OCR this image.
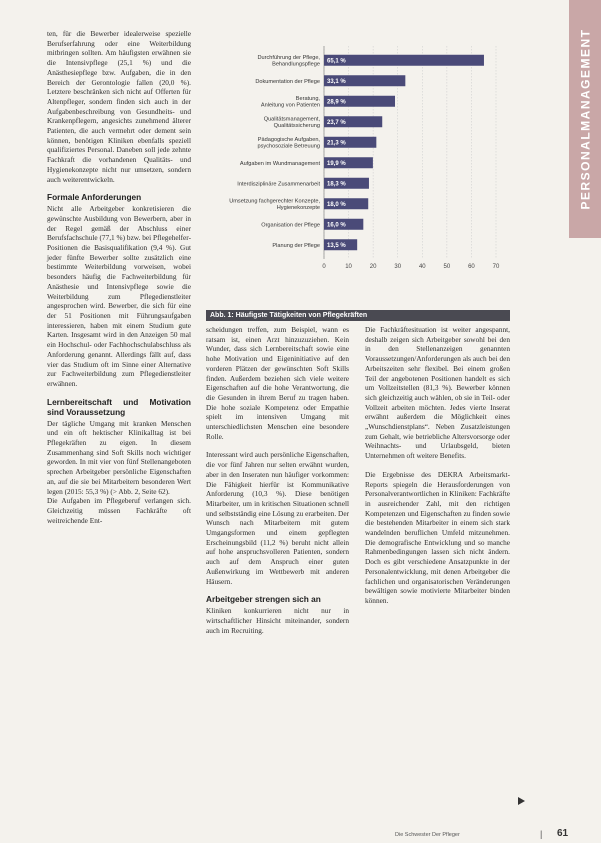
ten, für die Bewerber idealerweise spezielle Berufserfahrung oder eine Weiterbildung mitbringen sollten. Am häufigsten erwähnen sie die Intensivpflege (25,1 %) und die Anästhesiepflege bzw. Aufgaben, die in den Bereich der Gerontologie fallen (20,0 %). Letztere beschränken sich nicht auf Offerten für Altenpfleger, sondern finden sich auch in der Aufgabenbeschreibung von Gesundheits- und Krankenpflegern, angesichts zunehmend älterer Patienten, die auch vermehrt oder dement sein können, benötigen Kliniken ebenfalls speziell qualifiziertes Personal. Daneben soll jede zehnte Fachkraft die vorhandenen Qualitäts- und Hygienekonzepte nicht nur umsetzen, sondern auch weiterentwickeln.

Formale Anforderungen

Nicht alle Arbeitgeber konkretisieren die gewünschte Ausbildung von Bewerbern, aber in der Regel gemäß der Abschluss einer Berufsfachschule (77,1 %) bzw. bei Pflegehelfer-Positionen die Basisqualifikation (9,4 %). Gut jeder fünfte Bewerber sollte zusätzlich eine bestimmte Weiterbildung vorweisen, wobei besonders häufig die Fachweiterbildung für Anästhesie und Intensivpflege sowie die Weiterbildung zum Pflegedienstleiter angesprochen wird. Bewerber, die sich für eine der 51 Positionen mit Führungsaufgaben interessieren, haben mit einem Studium gute Karten. Insgesamt wird in den Anzeigen 50 mal ein Hochschul- oder Fachhochschulabschluss als Anforderung genannt. Allerdings fällt auf, dass vier das Studium oft im Sinne einer Alternative zur Fachweiterbildung zum Pflegedienstleiter erwähnen.

Lernbereitschaft und Motivation sind Voraussetzung

Der tägliche Umgang mit kranken Menschen und ein oft hektischer Klinikalltag ist bei Pflegekräften zu eigen. In diesem Zusammenhang sind Soft Skills noch wichtiger geworden. In mit vier von fünf Stellenangeboten sprechen Arbeitgeber persönliche Eigenschaften an, auf die sie bei Mitarbeitern besonderen Wert legen (2015: 55,3 %) (> Abb. 2, Seite 62).

Die Aufgaben im Pflegeberuf verlangen sich. Gleichzeitig müssen Fachkräfte oft weitreichende Ent-

0	10	20	30	40	50	60	70
Durchführung der Pflege, Behandlungspflege 65,1 %
Dokumentation der Pflege 33,1 %
Beratung, Anleitung von Patienten 28,9 %
Qualitätsmanagement, Qualitätssicherung 23,7 %
Pädagogische Aufgaben, psychosoziale Betreuung 21,3 %
Aufgaben im Wundmanagement 19,9 %
Interdisziplinäre Zusammenarbeit 18,3 %
Umsetzung fachgerechter Konzepte, Hygienekonzepte 18,0 %
Organisation der Pflege 16,0 %
Planung der Pflege 13,5 %
Abb. 1: Häufigste Tätigkeiten von Pflegekräften

scheidungen treffen, zum Beispiel, wann es ratsam ist, einen Arzt hinzuzuziehen. Kein Wunder, dass sich Lernbereitschaft sowie eine hohe Motivation und Eigeninitiative auf den vorderen Plätzen der gewünschten Soft Skills finden. Außerdem beziehen sich viele weitere Eigenschaften auf die hohe Verantwortung, die die Gesunden in ihrem Beruf zu tragen haben. Die hohe soziale Kompetenz oder Empathie spielt im intensiven Umgang mit unterschiedlichsten Menschen eine besondere Rolle.

Interessant wird auch persönliche Eigenschaften, die vor fünf Jahren nur selten erwähnt wurden, aber in den Inseraten nun häufiger vorkommen: Die Fähigkeit hierfür ist Kommunikative Anforderung (10,3 %). Diese benötigen Mitarbeiter, um in kritischen Situationen schnell und selbstständig eine Lösung zu erarbeiten. Der Wunsch nach Mitarbeitern mit gutem Umgangsformen und einem gepflegten Erscheinungsbild (11,2 %) beruht nicht allein auf hohe anspruchsvolleren Patienten, sondern auch auf dem Anspruch einer guten Außenwirkung im Wettbewerb mit anderen Häusern.

Arbeitgeber strengen sich an

Kliniken konkurrieren nicht nur in wirtschaftlicher Hinsicht miteinander, sondern auch im Recruiting.

Die Fachkräftesituation ist weiter angespannt, deshalb zeigen sich Arbeitgeber sowohl bei den in den Stellenanzeigen genannten Voraussetzungen/Anforderungen als auch bei den Arbeitszeiten sehr flexibel. Bei einem großen Teil der angebotenen Positionen handelt es sich um Vollzeitstellen (81,3 %). Bewerber können sich gleichzeitig auch wählen, ob sie in Teil- oder Vollzeit arbeiten möchten. Jedes vierte Inserat erwähnt außerdem die Möglichkeit eines „Wunschdienstplans“. Neben Zusatzleistungen zum Gehalt, wie betriebliche Altersvorsorge oder Weihnachts- und Urlaubsgeld, bieten Unternehmen oft weitere Benefits.

Die Ergebnisse des DEKRA Arbeitsmarkt-Reports spiegeln die Herausforderungen von Personalverantwortlichen in Kliniken: Fachkräfte in ausreichender Zahl, mit den richtigen Kompetenzen und Eigenschaften zu finden sowie die bestehenden Mitarbeiter in einem sich stark wandelnden beruflichen Umfeld mitzunehmen. Die demografische Entwicklung und so manche Rahmenbedingungen lassen sich nicht ändern. Doch es gibt verschiedene Ansatzpunkte in der Personalentwicklung, mit denen Arbeitgeber die fachlichen und organisatorischen Veränderungen bewältigen sowie motivierte Mitarbeiter binden können.

PERSONALMANAGEMENT
Die Schwester Der Pfleger	| 61
